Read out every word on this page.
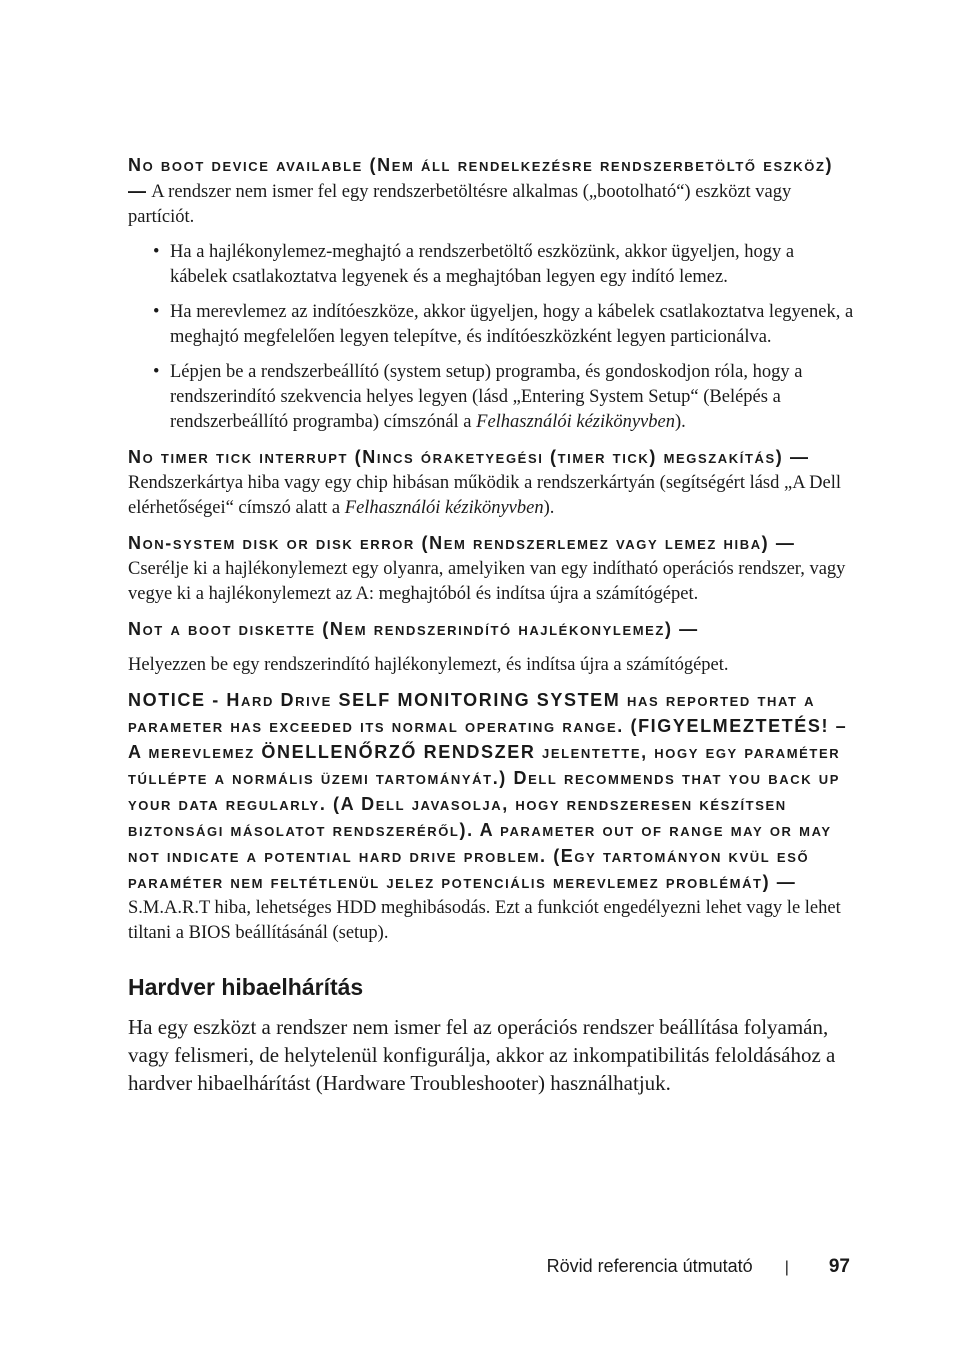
No boot device available (Nem áll rendelkezésre rendszerbetöltő eszköz) — A rendszer nem ismer fel egy rendszerbetöltésre alkalmas („bootolható“) eszközt vagy partíciót.
• Ha a hajlékonylemez-meghajtó a rendszerbetöltő eszközünk, akkor ügyeljen, hogy a kábelek csatlakoztatva legyenek és a meghajtóban legyen egy indító lemez.
• Ha merevlemez az indítóeszköze, akkor ügyeljen, hogy a kábelek csatlakoztatva legyenek, a meghajtó megfelelően legyen telepítve, és indítóeszközként legyen particionálva.
• Lépjen be a rendszerbeállító (system setup) programba, és gondoskodjon róla, hogy a rendszerindító szekvencia helyes legyen (lásd „Entering System Setup“ (Belépés a rendszerbeállító programba) címszónál a Felhasználói kézikönyvben).
No timer tick interrupt (Nincs óraketyegési (timer tick) megszakítás) — Rendszerkártya hiba vagy egy chip hibásan működik a rendszerkártyán (segítségért lásd „A Dell elérhetőségei“ címszó alatt a Felhasználói kézikönyvben).
Non-system disk or disk error (Nem rendszerlemez vagy lemez hiba) — Cserélje ki a hajlékonylemezt egy olyanra, amelyiken van egy indítható operációs rendszer, vagy vegye ki a hajlékonylemezt az A: meghajtóból és indítsa újra a számítógépet.
Not a boot diskette (Nem rendszerindító hajlékonylemez) —

Helyezzen be egy rendszerindító hajlékonylemezt, és indítsa újra a számítógépet.

NOTICE - Hard Drive SELF MONITORING SYSTEM has reported that a parameter has exceeded its normal operating range. (FIGYELMEZTETÉS! – A merevlemez ÖNELLENŐRZŐ RENDSZER jelentette, hogy egy paraméter túllépte a normális üzemi tartományát.) Dell recommends that you back up your data regularly. (A Dell javasolja, hogy rendszeresen készítsen biztonsági másolatot rendszeréről). A parameter out of range may or may not indicate a potential hard drive problem. (Egy tartományon kvül eső paraméter nem feltétlenül jelez potenciális merevlemez problémát) — S.M.A.R.T hiba, lehetséges HDD meghibásodás. Ezt a funkciót engedélyezni lehet vagy le lehet tiltani a BIOS beállításánál (setup).
Hardver hibaelhárítás

Ha egy eszközt a rendszer nem ismer fel az operációs rendszer beállítása folyamán, vagy felismeri, de helytelenül konfigurálja, akkor az inkompatibilitás feloldásához a hardver hibaelhárítást (Hardware Troubleshooter) használhatjuk.

Rövid referencia útmutató | 97
